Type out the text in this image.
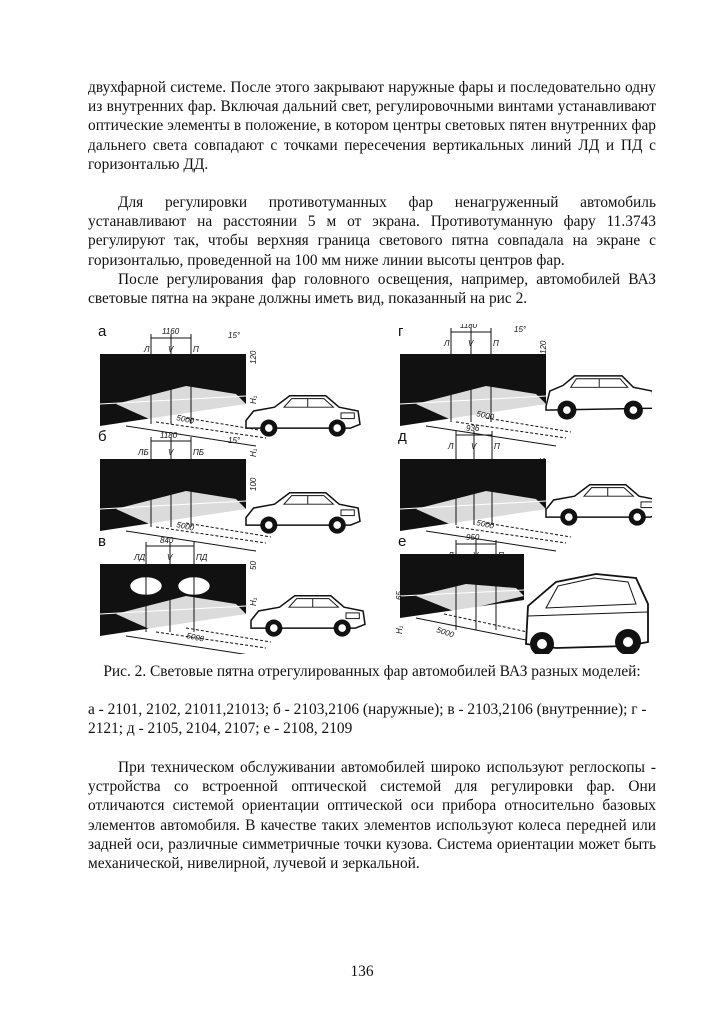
двухфарной системе. После этого закрывают наружные фары и последовательно одну из внутренних фар. Включая дальний свет, регулировочными винтами устанавливают оптические элементы в положение, в котором центры световых пятен внутренних фар дальнего света совпадают с точками пересечения вертикальных линий ЛД и ПД с горизонталью ДД.

Для регулировки противотуманных фар ненагруженный автомобиль устанавливают на расстоянии 5 м от экрана. Противотуманную фару 11.3743 регулируют так, чтобы верхняя граница светового пятна совпадала на экране с горизонталью, проведенной на 100 мм ниже линии высоты центров фар.

После регулирования фар головного освещения, например, автомобилей ВАЗ световые пятна на экране должны иметь вид, показанный на рис 2.

а	1160	15°
Л V П
120
H₁
5000
б	1180
15°
ЛБ V ПБ
100
H₁
5000
в	840
ЛД	V	ПД
50
H₁
5000
г	1180	15°
Л V П	120
H₁
5000
д	936
Л V П
75
H₁
5000
е	950
Л V П
65
H₁	5000

Рис. 2. Световые пятна отрегулированных фар автомобилей ВАЗ разных моделей:

а - 2101, 2102, 21011,21013; б - 2103,2106 (наружные); в - 2103,2106 (внутренние); г - 2121; д - 2105, 2104, 2107; е - 2108, 2109

При техническом обслуживании автомобилей широко используют реглоскопы - устройства со встроенной оптической системой для регулировки фар. Они отличаются системой ориентации оптической оси прибора относительно базовых элементов автомобиля. В качестве таких элементов используют колеса передней или задней оси, различные симметричные точки кузова. Система ориентации может быть механической, нивелирной, лучевой и зеркальной.

136
